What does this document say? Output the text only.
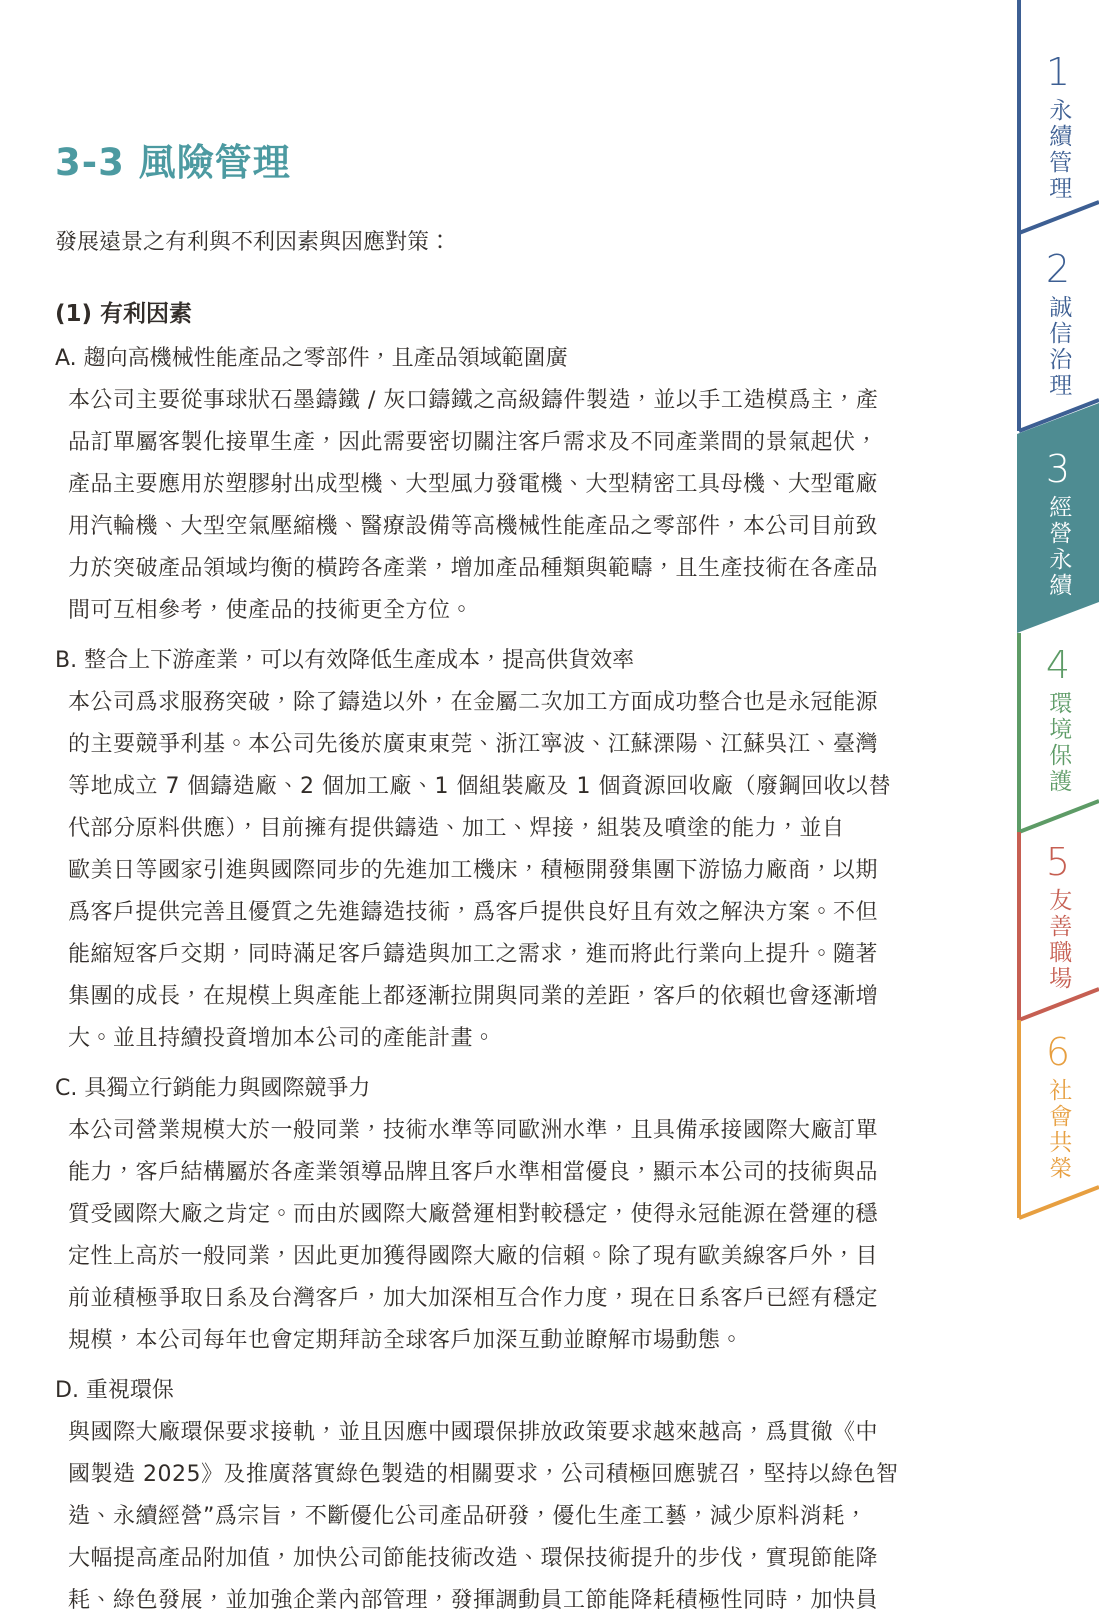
3-3 風險管理

發展遠景之有利與不利因素與因應對策：

(1) 有利因素
A. 趨向高機械性能產品之零部件，且產品領域範圍廣
本公司主要從事球狀石墨鑄鐵 / 灰口鑄鐵之高級鑄件製造，並以手工造模爲主，產
品訂單屬客製化接單生產，因此需要密切關注客戶需求及不同產業間的景氣起伏，
產品主要應用於塑膠射出成型機、大型風力發電機、大型精密工具母機、大型電廠
用汽輪機、大型空氣壓縮機、醫療設備等高機械性能產品之零部件，本公司目前致
力於突破產品領域均衡的橫跨各產業，增加產品種類與範疇，且生產技術在各產品
間可互相參考，使產品的技術更全方位。
B. 整合上下游產業，可以有效降低生產成本，提高供貨效率
本公司爲求服務突破，除了鑄造以外，在金屬二次加工方面成功整合也是永冠能源
的主要競爭利基。本公司先後於廣東東莞、浙江寧波、江蘇溧陽、江蘇吳江、臺灣
等地成立 7 個鑄造廠、2 個加工廠、1 個組裝廠及 1 個資源回收廠（廢鋼回收以替
代部分原料供應），目前擁有提供鑄造、加工、焊接，組裝及噴塗的能力，並自
歐美日等國家引進與國際同步的先進加工機床，積極開發集團下游協力廠商，以期
爲客戶提供完善且優質之先進鑄造技術，爲客戶提供良好且有效之解決方案。不但
能縮短客戶交期，同時滿足客戶鑄造與加工之需求，進而將此行業向上提升。隨著
集團的成長，在規模上與產能上都逐漸拉開與同業的差距，客戶的依賴也會逐漸增
大。並且持續投資增加本公司的產能計畫。
C. 具獨立行銷能力與國際競爭力
本公司營業規模大於一般同業，技術水準等同歐洲水準，且具備承接國際大廠訂單
能力，客戶結構屬於各產業領導品牌且客戶水準相當優良，顯示本公司的技術與品
質受國際大廠之肯定。而由於國際大廠營運相對較穩定，使得永冠能源在營運的穩
定性上高於一般同業，因此更加獲得國際大廠的信賴。除了現有歐美線客戶外，目
前並積極爭取日系及台灣客戶，加大加深相互合作力度，現在日系客戶已經有穩定
規模，本公司每年也會定期拜訪全球客戶加深互動並瞭解市場動態。
D. 重視環保
與國際大廠環保要求接軌，並且因應中國環保排放政策要求越來越高，爲貫徹《中
國製造 2025》及推廣落實綠色製造的相關要求，公司積極回應號召，堅持以綠色智
造、永續經營”爲宗旨，不斷優化公司產品研發，優化生產工藝，減少原料消耗，
大幅提高產品附加值，加快公司節能技術改造、環保技術提升的步伐，實現節能降
耗、綠色發展，並加強企業內部管理，發揮調動員工節能降耗積極性同時，加快員
1
永續管理
2
誠信治理
3
經營永續
4
環境保護
5
友善職場
6
社會共榮
